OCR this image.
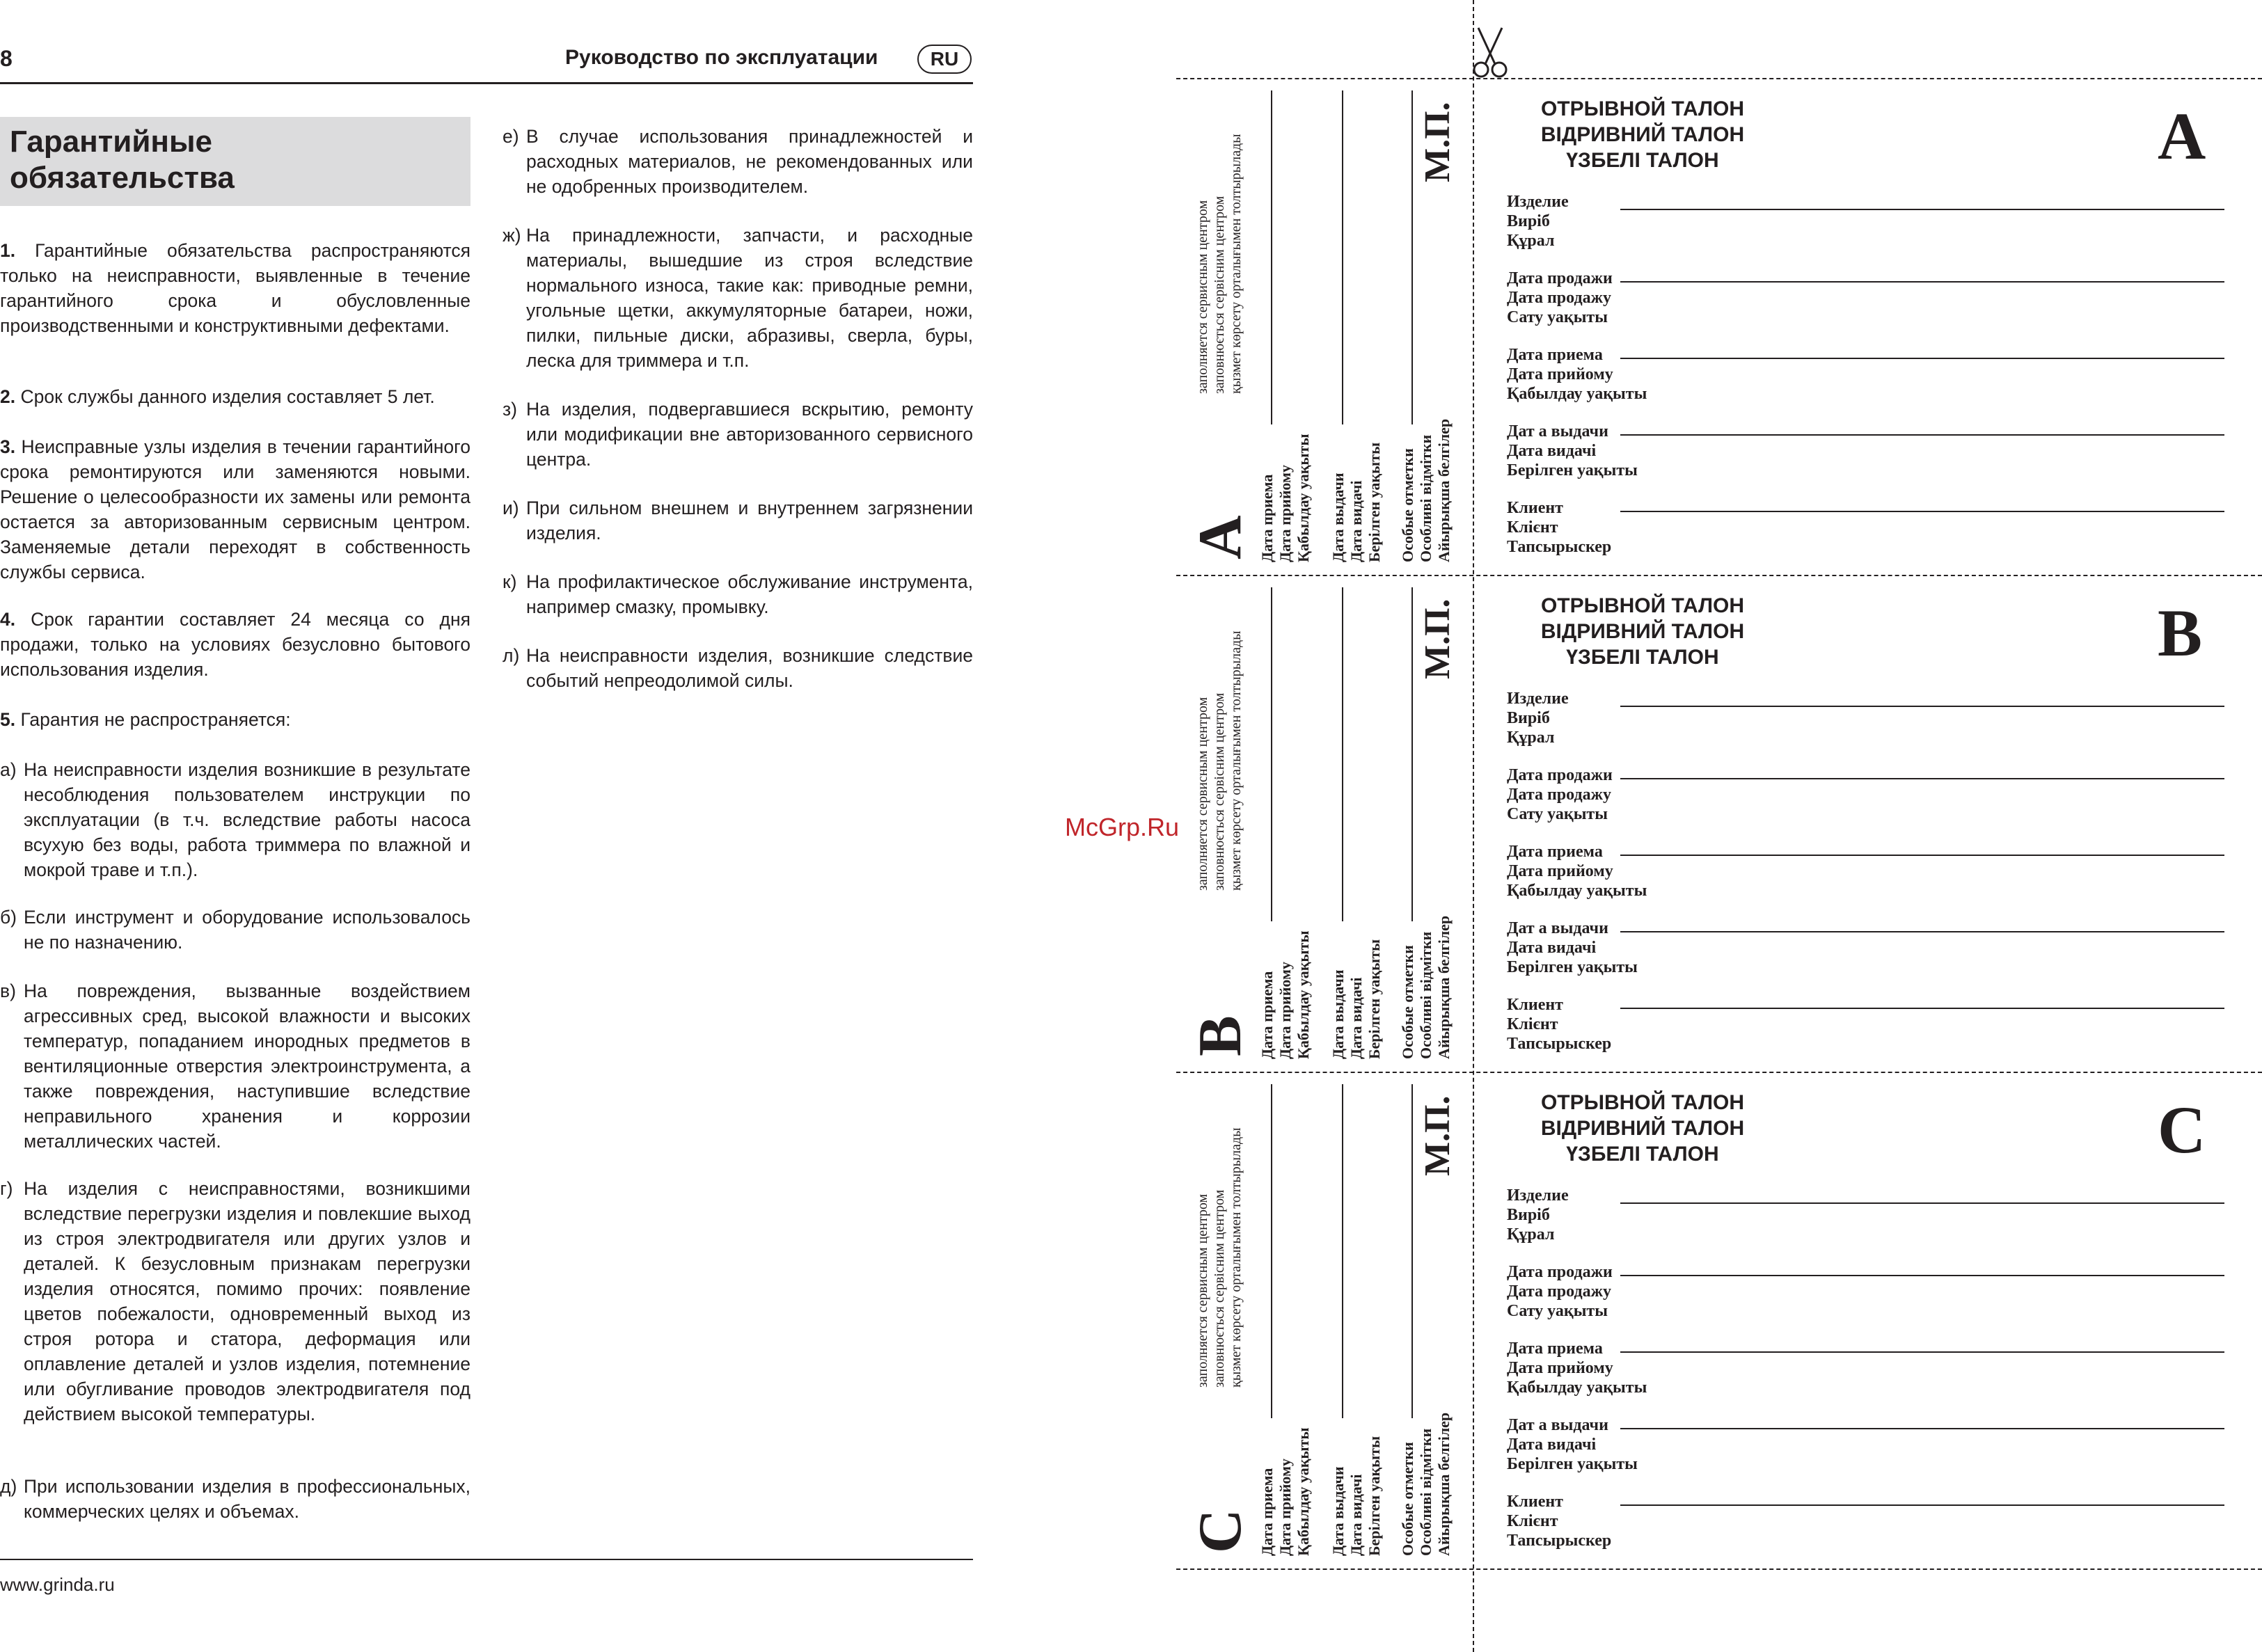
8	Руководство по эксплуатации	RU
Гарантийные
обязательства
1. Гарантийные обязательства распространяются только на неисправности, выявленные в течение гарантийного срока и обусловленные производственными и конструктивными дефектами.
2. Срок службы данного изделия составляет 5 лет.
3. Неисправные узлы изделия в течении гарантийного срока ремонтируются или заменяются новыми. Решение о целесообразности их замены или ремонта остается за авторизованным сервисным центром. Заменяемые детали переходят в собственность службы сервиса.
4. Срок гарантии составляет 24 месяца со дня продажи, только на условиях безусловно бытового использования изделия.
5. Гарантия не распространяется:
а) На неисправности изделия возникшие в результате несоблюдения пользователем инструкции по эксплуатации (в т.ч. вследствие работы насоса всухую без воды, работа триммера по влажной и мокрой траве и т.п.).
б) Если инструмент и оборудование использовалось не по назначению.
в) На повреждения, вызванные воздействием агрессивных сред, высокой влажности и высоких температур, попаданием инородных предметов в вентиляционные отверстия электроинструмента, а также повреждения, наступившие вследствие неправильного хранения и коррозии металлических частей.
г) На изделия с неисправностями, возникшими вследствие перегрузки изделия и повлекшие выход из строя электродвигателя или других узлов и деталей. К безусловным признакам перегрузки изделия относятся, помимо прочих: появление цветов побежалости, одновременный выход из строя ротора и статора, деформация или оплавление деталей и узлов изделия, потемнение или обугливание проводов электродвигателя под действием высокой температуры.
д) При использовании изделия в профессиональных, коммерческих целях и объемах.
е) В случае использования принадлежностей и расходных материалов, не рекомендованных или не одобренных производителем.
ж) На принадлежности, запчасти, и расходные материалы, вышедшие из строя вследствие нормального износа, такие как: приводные ремни, угольные щетки, аккумуляторные батареи, ножи, пилки, пильные диски, абразивы, сверла, буры, леска для триммера и т.п.
з) На изделия, подвергавшиеся вскрытию, ремонту или модификации вне авторизованного сервисного центра.
и) При сильном внешнем и внутреннем загрязнении изделия.
к) На профилактическое обслуживание инструмента, например смазку, промывку.
л) На неисправности изделия, возникшие следствие событий непреодолимой силы.
www.grinda.ru
McGrp.Ru
ОТРЫВНОЙ ТАЛОН
ВІДРИВНИЙ ТАЛОН
ҮЗБЕЛІ ТАЛОН	A
Изделие
Виріб
Құрал
Дата продажи
Дата продажу
Сату уақыты
Дата приема
Дата прийому
Қабылдау уақыты
Дат а выдачи
Дата видачі
Берілген уақыты
Клиент
Клієнт
Тапсырыскер
A
заполняется сервисным центром заповнюється сервісним центром қызмет көрсету орталығымен толтырылады
Дата приема Дата прийому Қабылдау уақыты Дата выдачи Дата видачі Берілген уақыты Особые отметки Особливі відмітки Айырықша белгілер
М.П.
ОТРЫВНОЙ ТАЛОН
ВІДРИВНИЙ ТАЛОН
ҮЗБЕЛІ ТАЛОН	B
Изделие
Виріб
Құрал
Дата продажи
Дата продажу
Сату уақыты
Дата приема
Дата прийому
Қабылдау уақыты
Дат а выдачи
Дата видачі
Берілген уақыты
Клиент
Клієнт
Тапсырыскер
B
заполняется сервисным центром заповнюється сервісним центром қызмет көрсету орталығымен толтырылады
Дата приема Дата прийому Қабылдау уақыты Дата выдачи Дата видачі Берілген уақыты Особые отметки Особливі відмітки Айырықша белгілер
М.П.
ОТРЫВНОЙ ТАЛОН
ВІДРИВНИЙ ТАЛОН
ҮЗБЕЛІ ТАЛОН	C
Изделие
Виріб
Құрал
Дата продажи
Дата продажу
Сату уақыты
Дата приема
Дата прийому
Қабылдау уақыты
Дат а выдачи
Дата видачі
Берілген уақыты
Клиент
Клієнт
Тапсырыскер
C
заполняется сервисным центром заповнюється сервісним центром қызмет көрсету орталығымен толтырылады
Дата приема Дата прийому Қабылдау уақыты Дата выдачи Дата видачі Берілген уақыты Особые отметки Особливі відмітки Айырықша белгілер
М.П.
